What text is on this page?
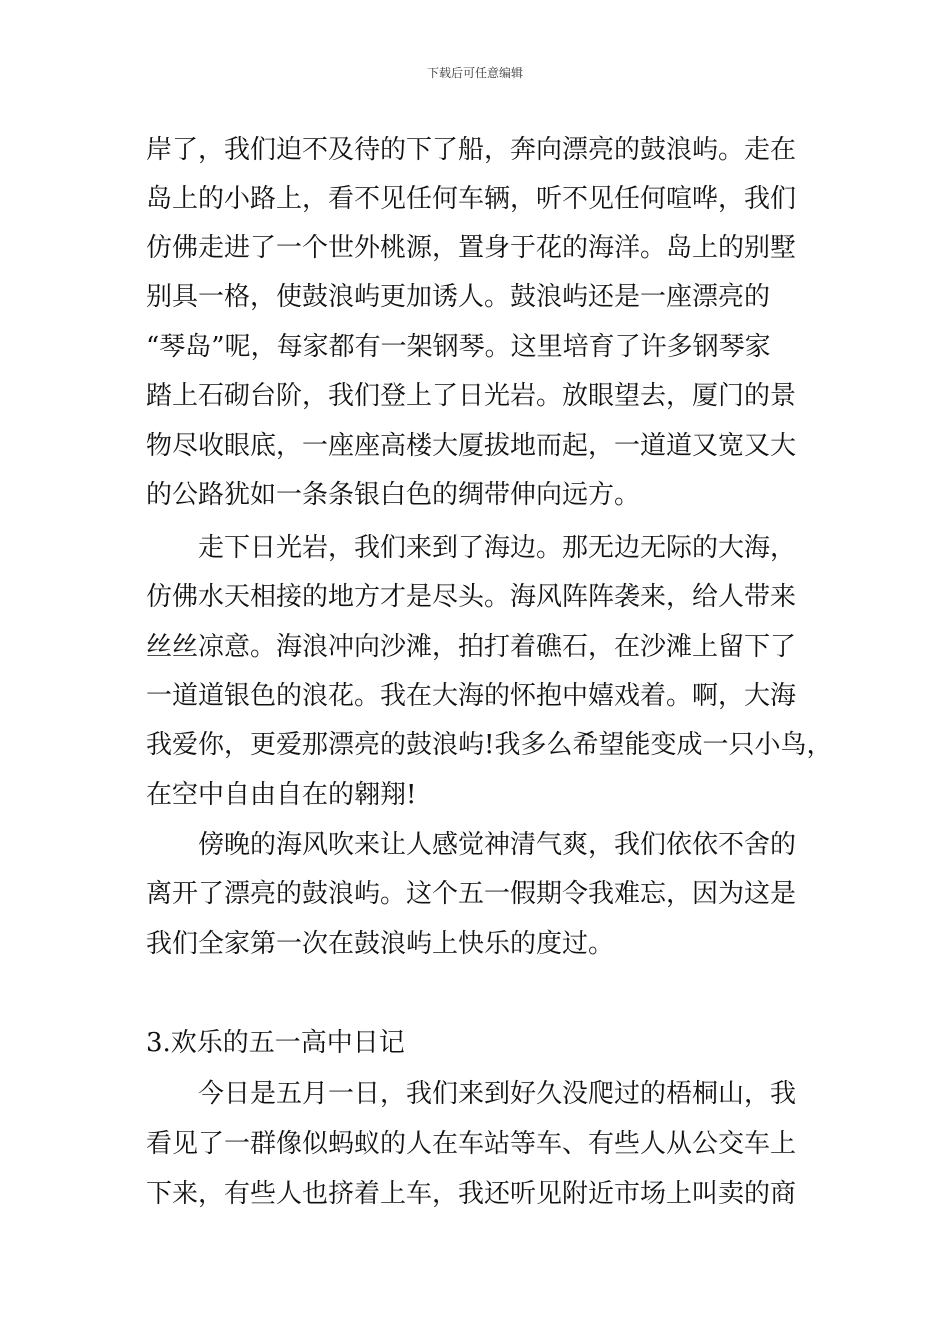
下载后可任意编辑
岸了，我们迫不及待的下了船，奔向漂亮的鼓浪屿。走在
岛上的小路上，看不见任何车辆，听不见任何喧哗，我们
仿佛走进了一个世外桃源，置身于花的海洋。岛上的别墅
别具一格，使鼓浪屿更加诱人。鼓浪屿还是一座漂亮的
“琴岛”呢，每家都有一架钢琴。这里培育了许多钢琴家
踏上石砌台阶，我们登上了日光岩。放眼望去，厦门的景
物尽收眼底，一座座高楼大厦拔地而起，一道道又宽又大
的公路犹如一条条银白色的绸带伸向远方。
走下日光岩，我们来到了海边。那无边无际的大海，
仿佛水天相接的地方才是尽头。海风阵阵袭来，给人带来
丝丝凉意。海浪冲向沙滩，拍打着礁石，在沙滩上留下了
一道道银色的浪花。我在大海的怀抱中嬉戏着。啊，大海
我爱你，更爱那漂亮的鼓浪屿!我多么希望能变成一只小鸟，
在空中自由自在的翱翔!
傍晚的海风吹来让人感觉神清气爽，我们依依不舍的
离开了漂亮的鼓浪屿。这个五一假期令我难忘，因为这是
我们全家第一次在鼓浪屿上快乐的度过。
3.欢乐的五一高中日记
今日是五月一日，我们来到好久没爬过的梧桐山，我
看见了一群像似蚂蚁的人在车站等车、有些人从公交车上
下来，有些人也挤着上车，我还听见附近市场上叫卖的商
